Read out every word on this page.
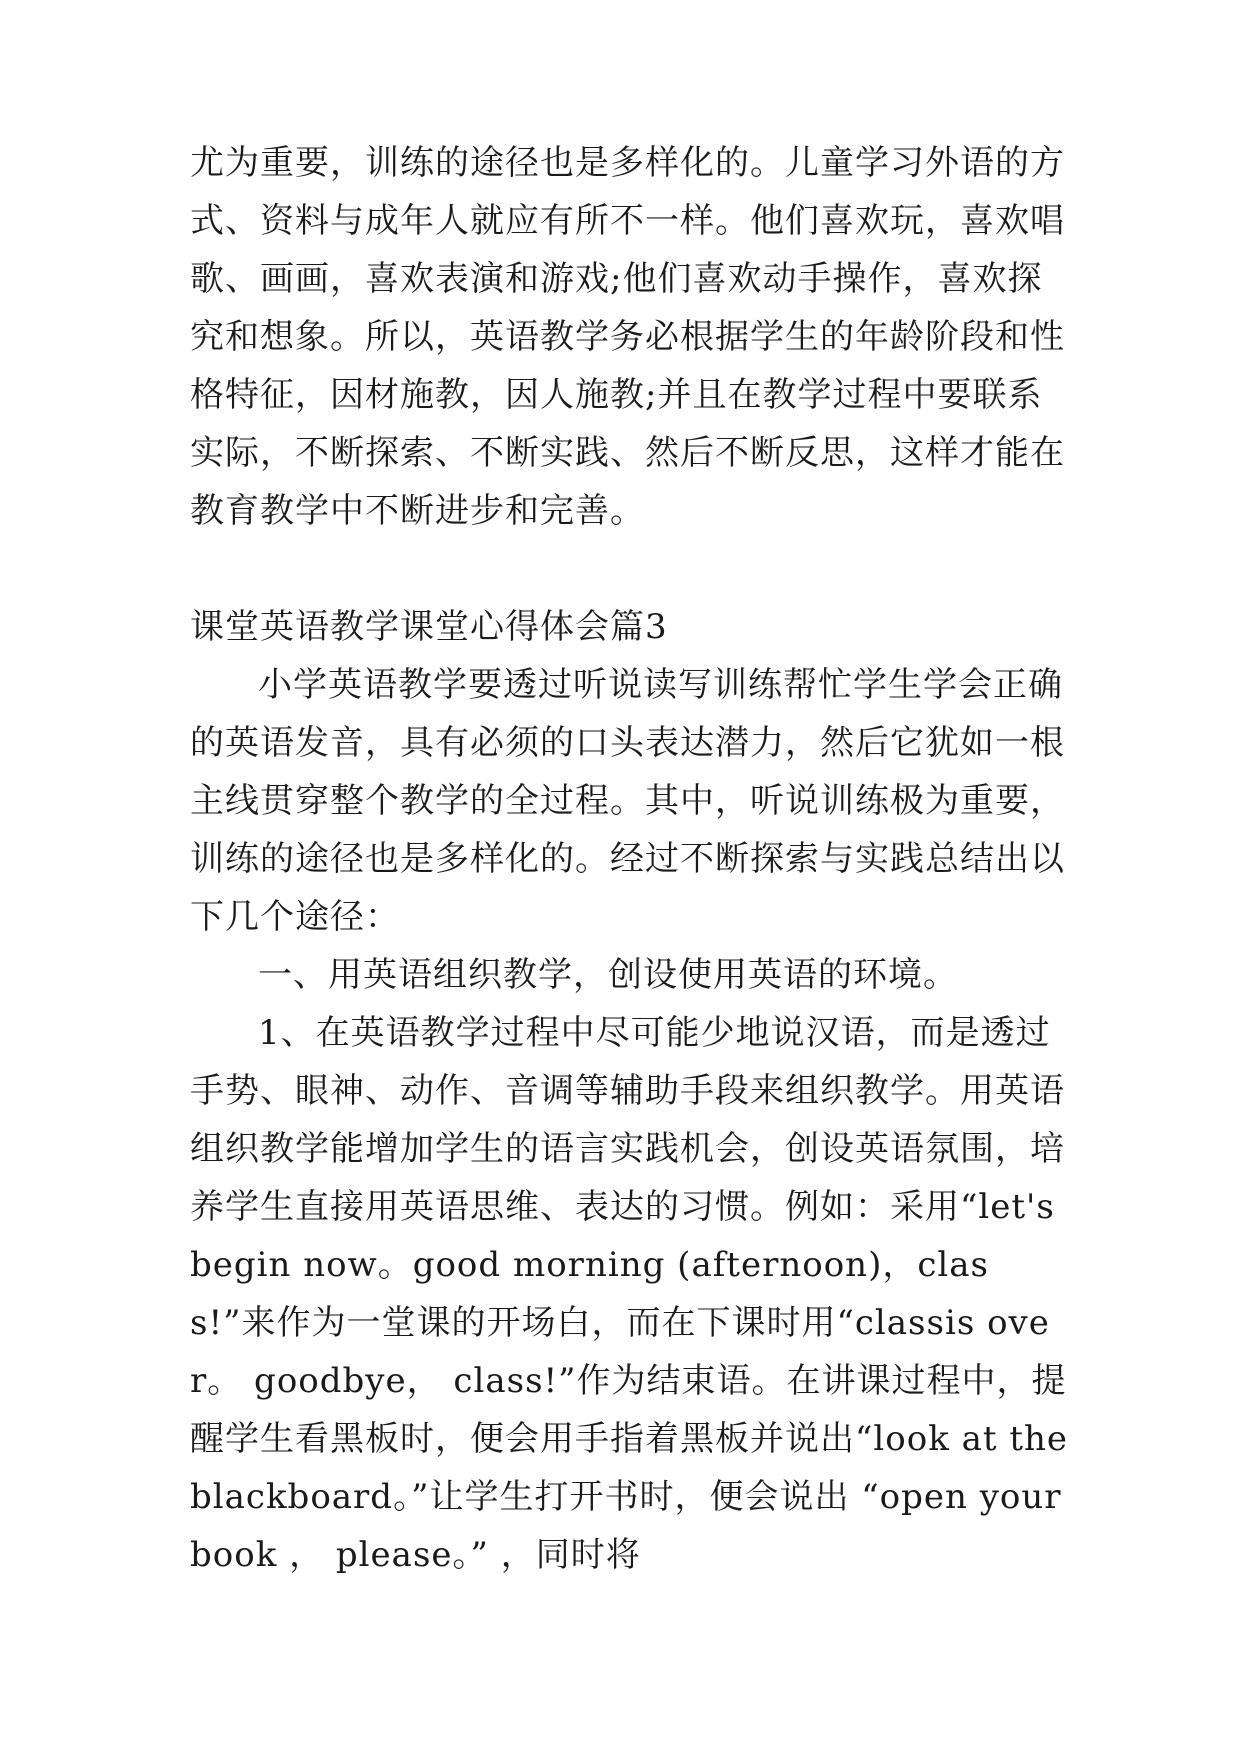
尤为重要，训练的途径也是多样化的。儿童学习外语的方式、资料与成年人就应有所不一样。他们喜欢玩，喜欢唱歌、画画，喜欢表演和游戏;他们喜欢动手操作，喜欢探究和想象。所以，英语教学务必根据学生的年龄阶段和性格特征，因材施教，因人施教;并且在教学过程中要联系实际，不断探索、不断实践、然后不断反思，这样才能在教育教学中不断进步和完善。

课堂英语教学课堂心得体会篇3

小学英语教学要透过听说读写训练帮忙学生学会正确的英语发音，具有必须的口头表达潜力，然后它犹如一根主线贯穿整个教学的全过程。其中，听说训练极为重要，训练的途径也是多样化的。经过不断探索与实践总结出以下几个途径：

一、用英语组织教学，创设使用英语的环境。

1、在英语教学过程中尽可能少地说汉语，而是透过手势、眼神、动作、音调等辅助手段来组织教学。用英语组织教学能增加学生的语言实践机会，创设英语氛围，培养学生直接用英语思维、表达的习惯。例如：采用“let's begin now。good morning (afternoon)，class!”来作为一堂课的开场白，而在下课时用“classis over。 goodbye， class!”作为结束语。在讲课过程中，提醒学生看黑板时，便会用手指着黑板并说出“look at theblackboard。”让学生打开书时，便会说出 “open your book ， please。” ，同时将
